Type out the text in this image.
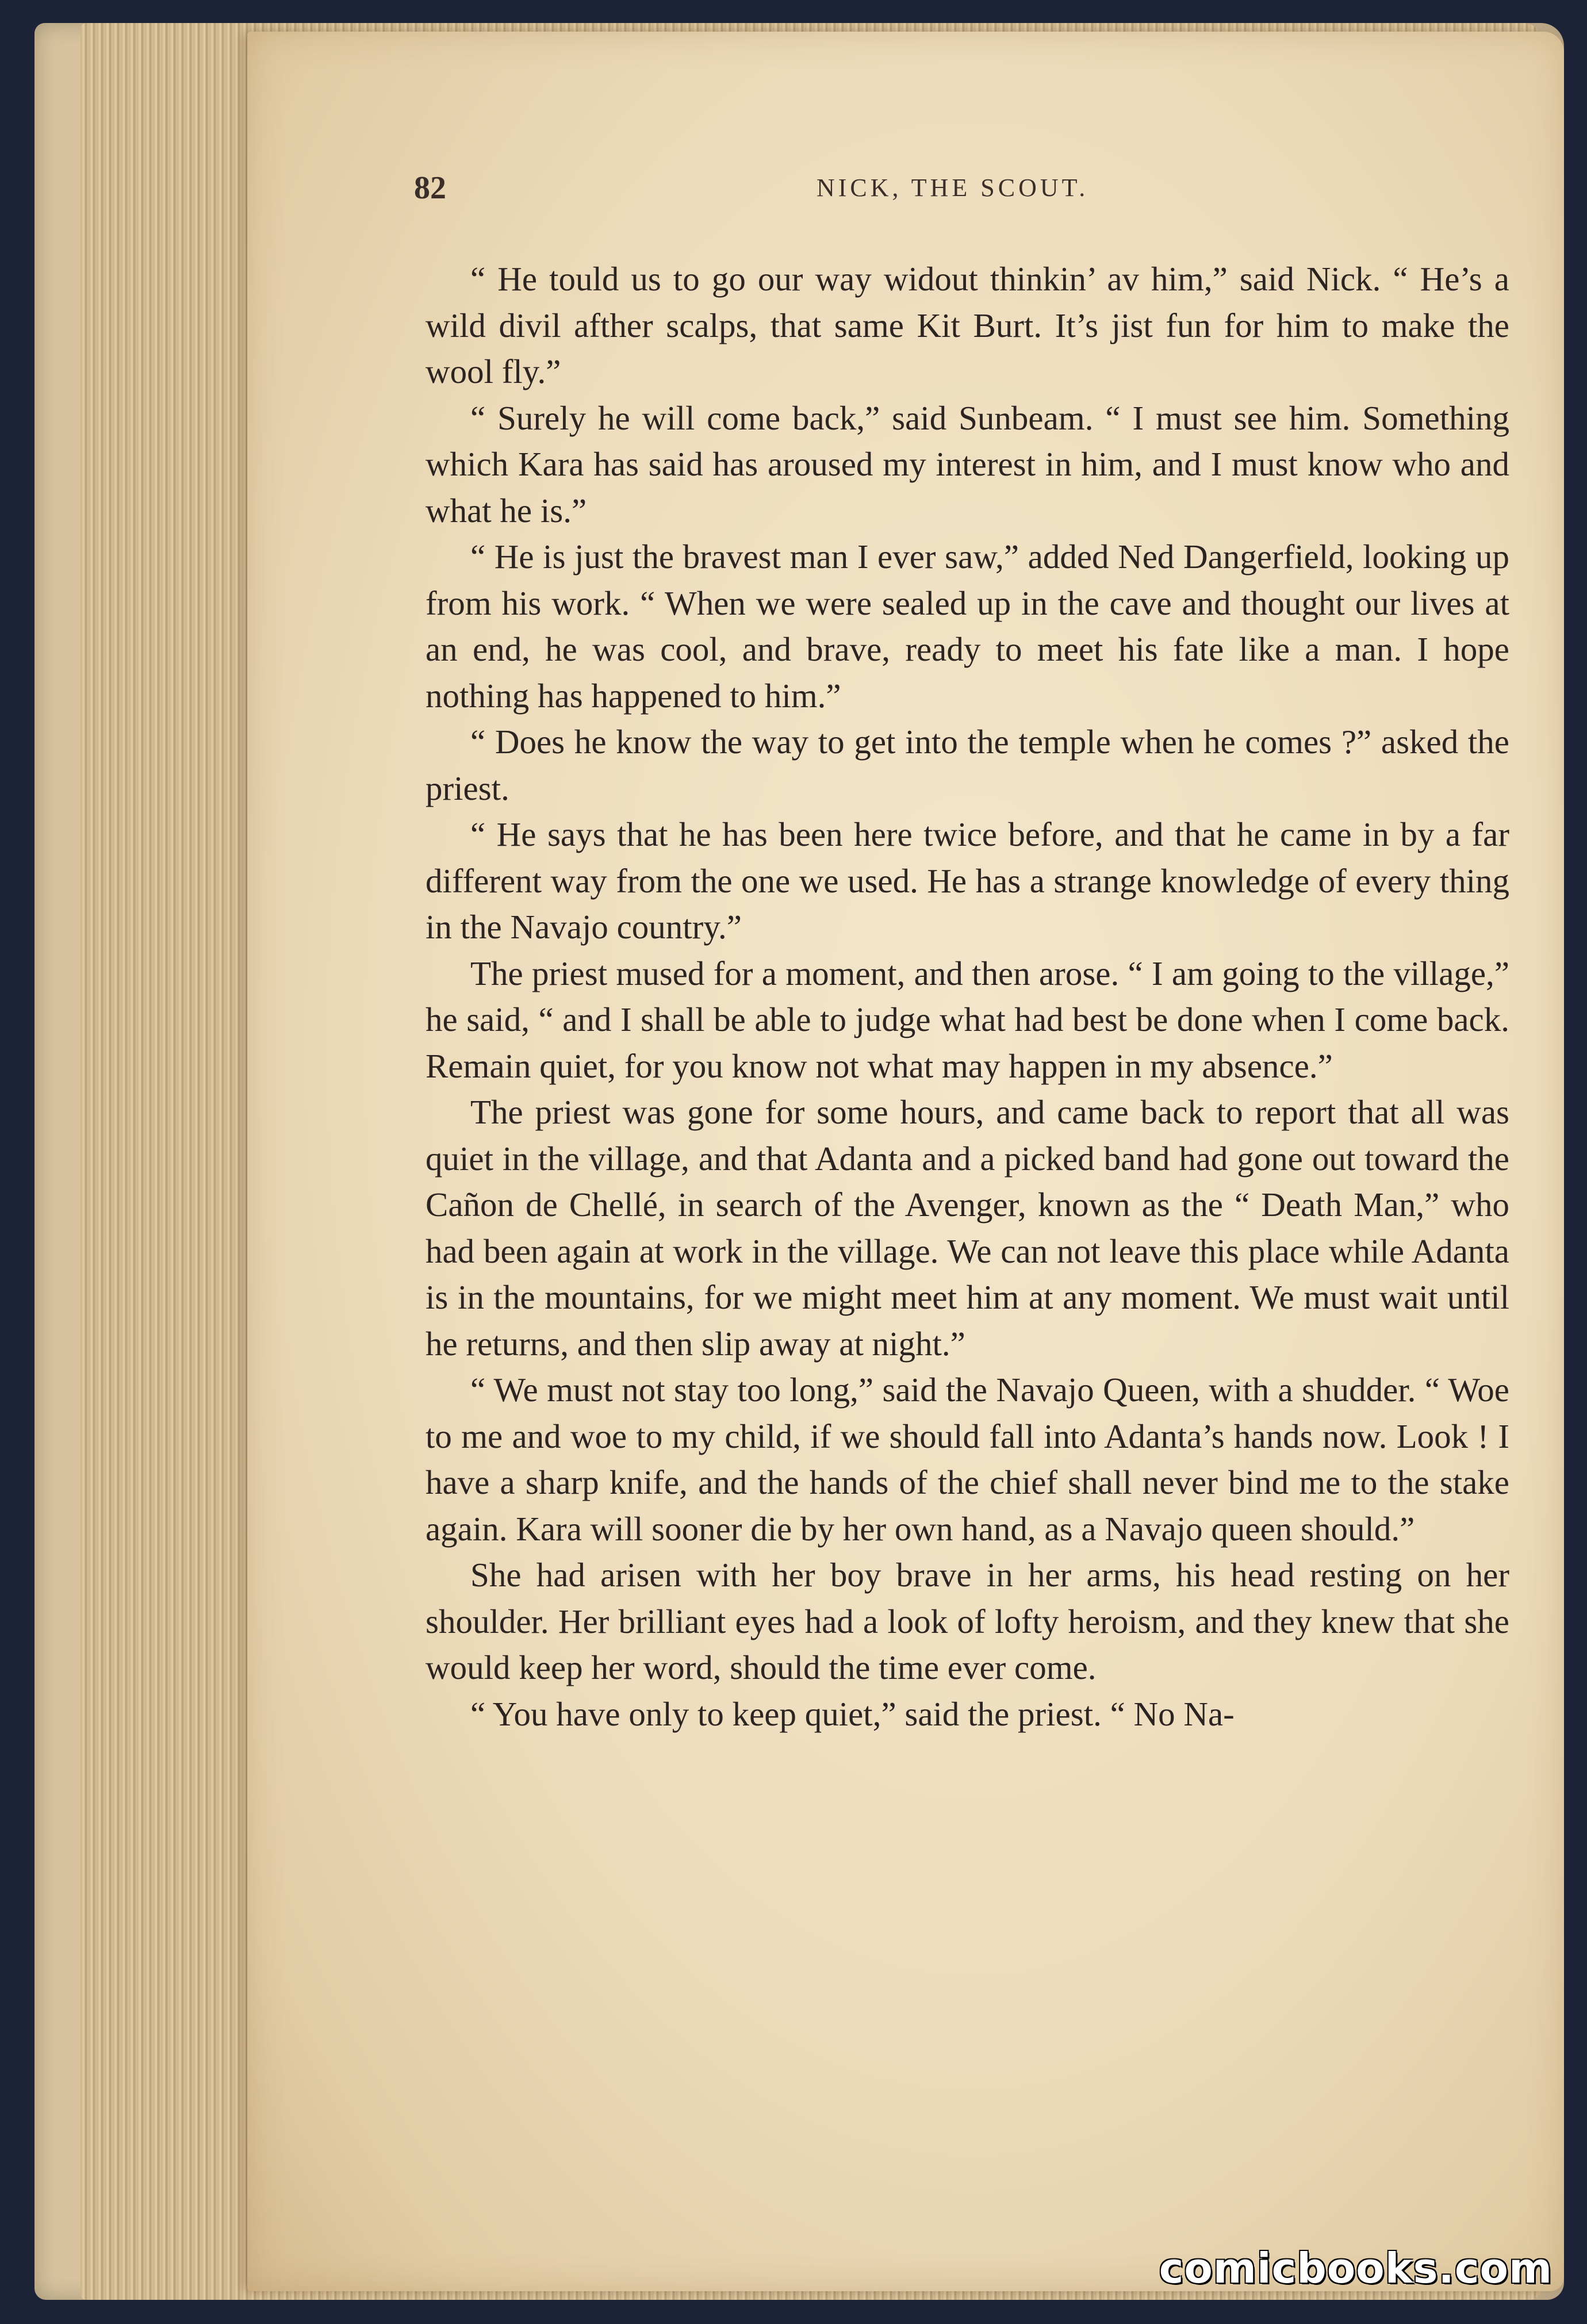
82	NICK, THE SCOUT.

“ He tould us to go our way widout thinkin’ av him,” said Nick. “ He’s a wild divil afther scalps, that same Kit Burt. It’s jist fun for him to make the wool fly.”

“ Surely he will come back,” said Sunbeam. “ I must see him. Something which Kara has said has aroused my interest in him, and I must know who and what he is.”

“ He is just the bravest man I ever saw,” added Ned Dangerfield, looking up from his work. “ When we were sealed up in the cave and thought our lives at an end, he was cool, and brave, ready to meet his fate like a man. I hope nothing has happened to him.”

“ Does he know the way to get into the temple when he comes ?” asked the priest.

“ He says that he has been here twice before, and that he came in by a far different way from the one we used. He has a strange knowledge of every thing in the Navajo country.”

The priest mused for a moment, and then arose. “ I am going to the village,” he said, “ and I shall be able to judge what had best be done when I come back. Remain quiet, for you know not what may happen in my absence.”

The priest was gone for some hours, and came back to report that all was quiet in the village, and that Adanta and a picked band had gone out toward the Cañon de Chellé, in search of the Avenger, known as the “ Death Man,” who had been again at work in the village. We can not leave this place while Adanta is in the mountains, for we might meet him at any moment. We must wait until he returns, and then slip away at night.”

“ We must not stay too long,” said the Navajo Queen, with a shudder. “ Woe to me and woe to my child, if we should fall into Adanta’s hands now. Look ! I have a sharp knife, and the hands of the chief shall never bind me to the stake again. Kara will sooner die by her own hand, as a Navajo queen should.”

She had arisen with her boy brave in her arms, his head resting on her shoulder. Her brilliant eyes had a look of lofty heroism, and they knew that she would keep her word, should the time ever come.

“ You have only to keep quiet,” said the priest. “ No Na-

comicbooks.com
